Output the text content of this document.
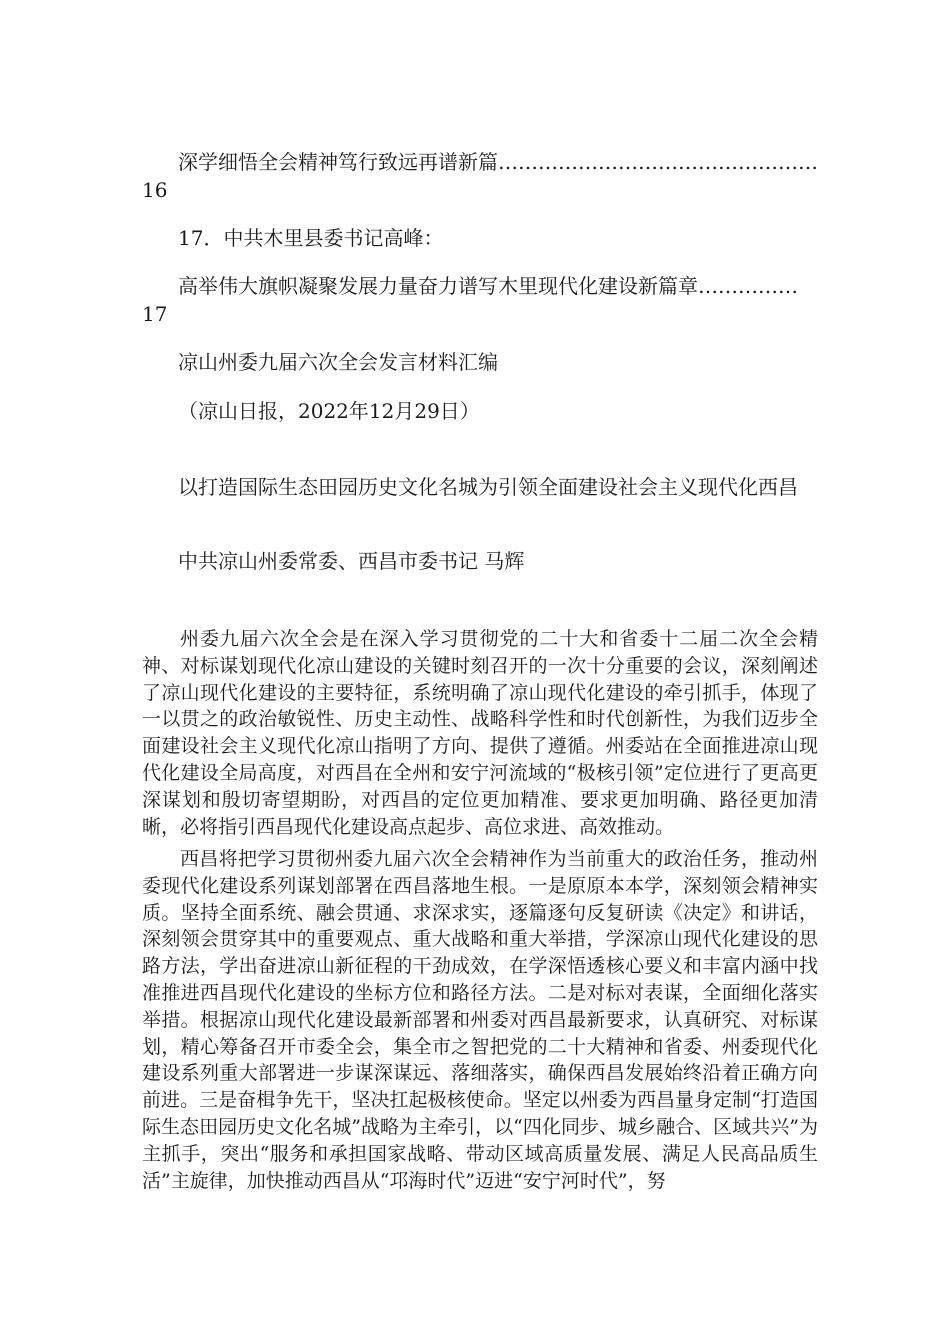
深学细悟全会精神笃行致远再谱新篇…………………………………………16

17．中共木里县委书记高峰：

高举伟大旗帜凝聚发展力量奋力谱写木里现代化建设新篇章……………17

凉山州委九届六次全会发言材料汇编

（凉山日报，2022年12月29日）

以打造国际生态田园历史文化名城为引领全面建设社会主义现代化西昌

中共凉山州委常委、西昌市委书记 马辉

州委九届六次全会是在深入学习贯彻党的二十大和省委十二届二次全会精神、对标谋划现代化凉山建设的关键时刻召开的一次十分重要的会议，深刻阐述了凉山现代化建设的主要特征，系统明确了凉山现代化建设的牵引抓手，体现了一以贯之的政治敏锐性、历史主动性、战略科学性和时代创新性，为我们迈步全面建设社会主义现代化凉山指明了方向、提供了遵循。州委站在全面推进凉山现代化建设全局高度，对西昌在全州和安宁河流域的“极核引领”定位进行了更高更深谋划和殷切寄望期盼，对西昌的定位更加精准、要求更加明确、路径更加清晰，必将指引西昌现代化建设高点起步、高位求进、高效推动。

西昌将把学习贯彻州委九届六次全会精神作为当前重大的政治任务，推动州委现代化建设系列谋划部署在西昌落地生根。一是原原本本学，深刻领会精神实质。坚持全面系统、融会贯通、求深求实，逐篇逐句反复研读《决定》和讲话，深刻领会贯穿其中的重要观点、重大战略和重大举措，学深凉山现代化建设的思路方法，学出奋进凉山新征程的干劲成效，在学深悟透核心要义和丰富内涵中找准推进西昌现代化建设的坐标方位和路径方法。二是对标对表谋，全面细化落实举措。根据凉山现代化建设最新部署和州委对西昌最新要求，认真研究、对标谋划，精心筹备召开市委全会，集全市之智把党的二十大精神和省委、州委现代化建设系列重大部署进一步谋深谋远、落细落实，确保西昌发展始终沿着正确方向前进。三是奋楫争先干，坚决扛起极核使命。坚定以州委为西昌量身定制“打造国际生态田园历史文化名城”战略为主牵引，以“四化同步、城乡融合、区域共兴”为主抓手，突出“服务和承担国家战略、带动区域高质量发展、满足人民高品质生活”主旋律，加快推动西昌从“邛海时代”迈进“安宁河时代”，努
